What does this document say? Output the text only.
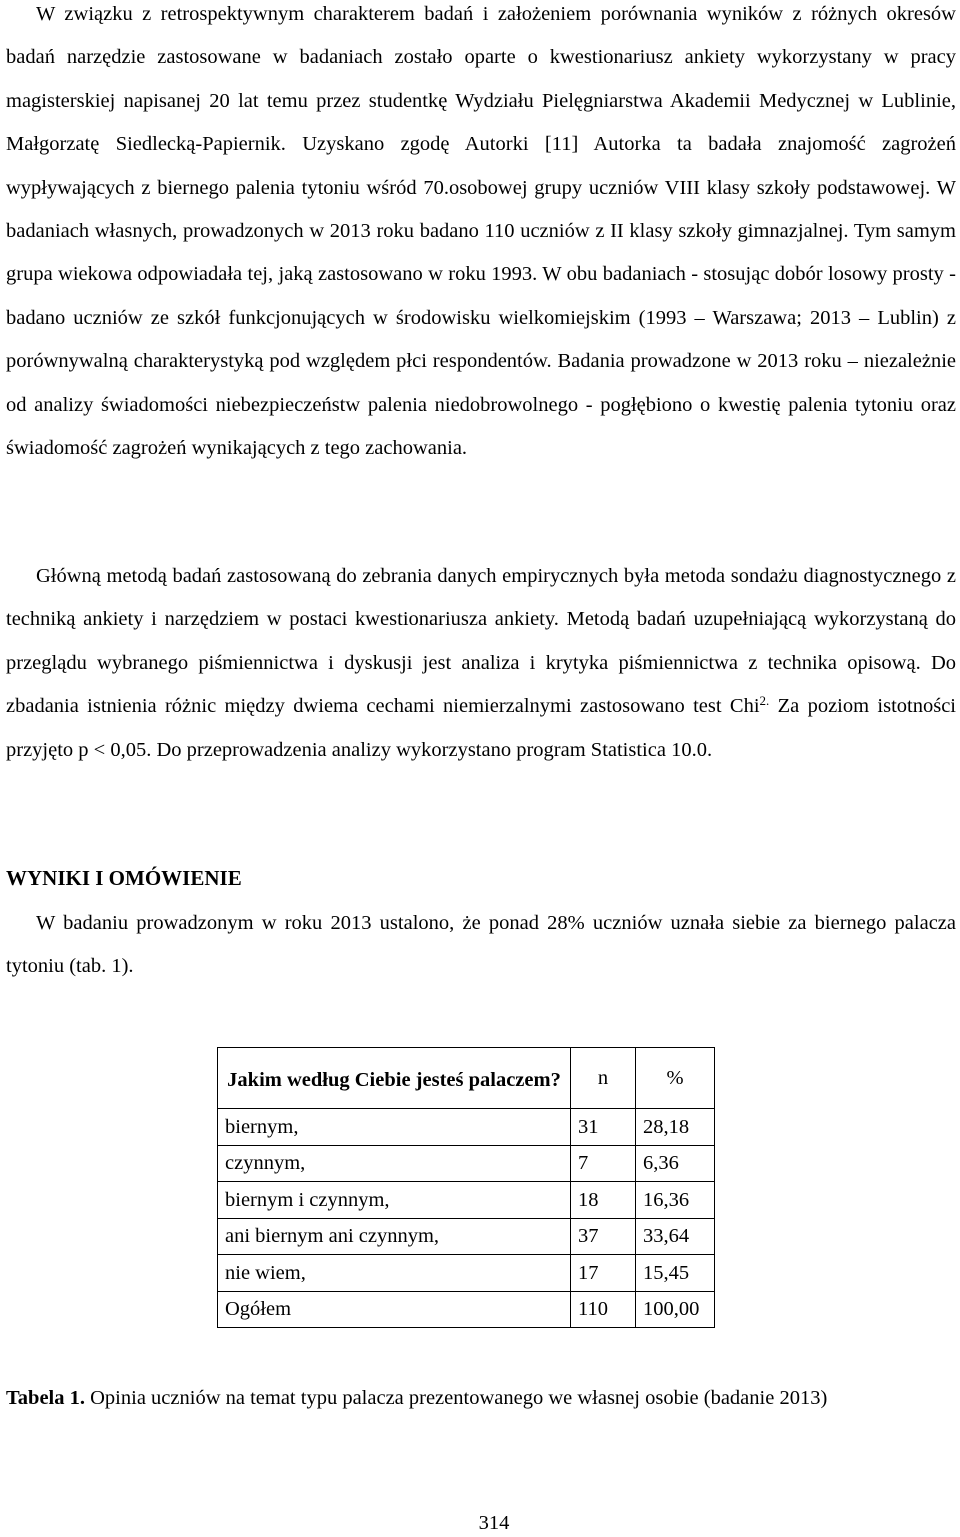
W związku z retrospektywnym charakterem badań i założeniem porównania wyników z różnych okresów badań narzędzie zastosowane w badaniach zostało oparte o kwestionariusz ankiety wykorzystany w pracy magisterskiej napisanej 20 lat temu przez studentkę Wydziału Pielęgniarstwa Akademii Medycznej w Lublinie, Małgorzatę Siedlecką-Papiernik. Uzyskano zgodę Autorki [11] Autorka ta badała znajomość zagrożeń wypływających z biernego palenia tytoniu wśród 70.osobowej grupy uczniów VIII klasy szkoły podstawowej. W badaniach własnych, prowadzonych w 2013 roku badano 110 uczniów z II klasy szkoły gimnazjalnej. Tym samym grupa wiekowa odpowiadała tej, jaką zastosowano w roku 1993. W obu badaniach - stosując dobór losowy prosty - badano uczniów ze szkół funkcjonujących w środowisku wielkomiejskim (1993 – Warszawa; 2013 – Lublin) z porównywalną charakterystyką pod względem płci respondentów. Badania prowadzone w 2013 roku – niezależnie od analizy świadomości niebezpieczeństw palenia niedobrowolnego - pogłębiono o kwestię palenia tytoniu oraz świadomość zagrożeń wynikających z tego zachowania.

Główną metodą badań zastosowaną do zebrania danych empirycznych była metoda sondażu diagnostycznego z techniką ankiety i narzędziem w postaci kwestionariusza ankiety. Metodą badań uzupełniającą wykorzystaną do przeglądu wybranego piśmiennictwa i dyskusji jest analiza i krytyka piśmiennictwa z technika opisową. Do zbadania istnienia różnic między dwiema cechami niemierzalnymi zastosowano test Chi$^{2.}$ Za poziom istotności przyjęto p < 0,05. Do przeprowadzenia analizy wykorzystano program Statistica 10.0.

WYNIKI I OMÓWIENIE

W badaniu prowadzonym w roku 2013 ustalono, że ponad 28% uczniów uznała siebie za biernego palacza tytoniu (tab. 1).

Jakim według Ciebie jesteś palaczem?	n	%
biernym,	31	28,18
czynnym,	7	6,36
biernym i czynnym,	18	16,36
ani biernym ani czynnym,	37	33,64
nie wiem,	17	15,45
Ogółem	110	100,00

Tabela 1. Opinia uczniów na temat typu palacza prezentowanego we własnej osobie (badanie 2013)

314
